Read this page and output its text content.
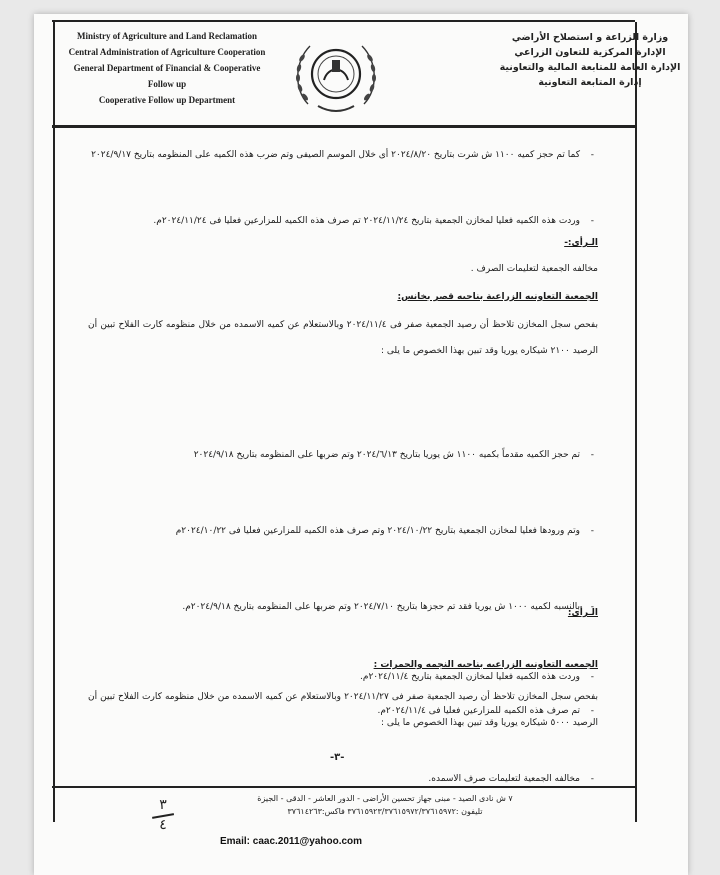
Ministry of Agriculture and Land Reclamation
Central Administration of Agriculture Cooperation
General Department of Financial & Cooperative Follow up
Cooperative Follow up Department
وزارة الزراعة و استصلاح الأراضي
الإدارة المركزية للتعاون الزراعي
الإدارة العامة للمتابعة المالية والتعاونية
إدارة المتابعة التعاونية
- كما تم حجز كميه ١١٠٠ ش شرت بتاريخ ٢٠٢٤/٨/٢٠ أى خلال الموسم الصيفى وتم ضرب هذه الكميه على المنظومه بتاريخ ٢٠٢٤/٩/١٧
- وردت هذه الكميه فعليا لمخازن الجمعية بتاريخ ٢٠٢٤/١١/٢٤ تم صرف هذه الكميه للمزارعين فعليا فى ٢٠٢٤/١١/٢٤م.
الـرأى:-
مخالفه الجمعية لتعليمات الصرف .
الجمعية التعاونيه الزراعية بناحيه قصر بخانس:
بفحص سجل المخازن تلاحظ أن رصيد الجمعية صفر فى ٢٠٢٤/١١/٤ وبالاستعلام عن كميه الاسمده من خلال منظومه كارت الفلاح تبين أن الرصيد ٢١٠٠ شيكاره يوريا وقد تبين بهذا الخصوص ما يلى :
- تم حجز الكميه مقدماً بكميه ١١٠٠ ش يوريا بتاريخ ٢٠٢٤/٦/١٣ وتم ضربها على المنظومه بتاريخ ٢٠٢٤/٩/١٨
- وتم ورودها فعليا لمخازن الجمعية بتاريخ ٢٠٢٤/١٠/٢٢ وتم صرف هذه الكميه للمزارعين فعليا فى ٢٠٢٤/١٠/٢٢م
- بالنسبه لكميه ١٠٠٠ ش يوريا فقد تم حجزها بتاريخ ٢٠٢٤/٧/١٠ وتم ضربها على المنظومه بتاريخ ٢٠٢٤/٩/١٨م.
- وردت هذه الكميه فعليا لمخازن الجمعية بتاريخ ٢٠٢٤/١١/٤م.
- تم صرف هذه الكميه للمزارعين فعليا فى ٢٠٢٤/١١/٤م.
الـرأى:
- مخالفه الجمعية لتعليمات صرف الاسمده.
الجمعيه التعاونيه الزراعيه بناحيه النجمه والحمرات :
بفحص سجل المخازن تلاحظ أن رصيد الجمعية صفر فى ٢٠٢٤/١١/٢٧ وبالاستعلام عن كميه الاسمده من خلال منظومه كارت الفلاح تبين أن الرصيد ٥٠٠٠ شيكاره يوريا وقد تبين بهذا الخصوص ما يلى :
-٣-
٣
٤
٧ ش نادى الصيد - مبنى جهاز تحسين الأراضى - الدور العاشر - الدقى - الجيزة
تليفون :٣٧٦١٥٩٢٣/٣٧٦١٥٩٧٢/٣٧٦١٥٩٧٢ فاكس:٣٧٦١٤٢٦٣
Email: caac.2011@yahoo.com
